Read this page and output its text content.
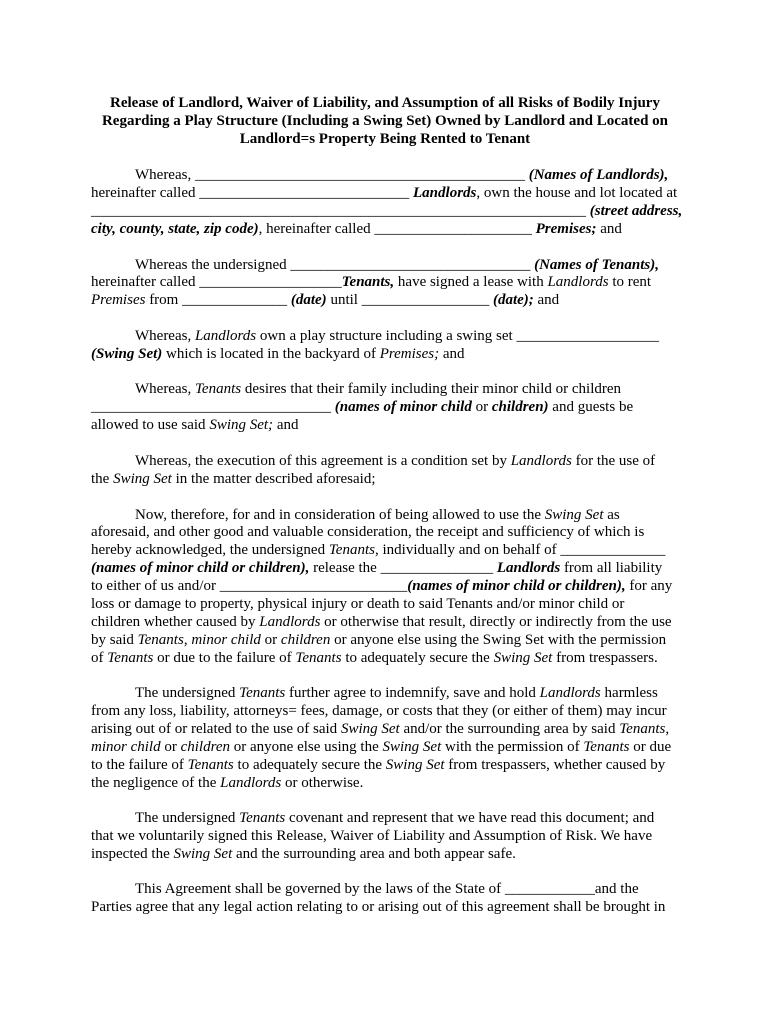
Release of Landlord, Waiver of Liability, and Assumption of all Risks of Bodily Injury
Regarding a Play Structure (Including a Swing Set) Owned by Landlord and Located on
Landlord=s Property Being Rented to Tenant
Whereas, ____________________________________________ (Names of Landlords),
hereinafter called ____________________________ Landlords, own the house and lot located at
__________________________________________________________________ (street address,
city, county, state, zip code), hereinafter called _____________________ Premises; and
Whereas the undersigned ________________________________ (Names of Tenants),
hereinafter called ___________________Tenants, have signed a lease with Landlords to rent
Premises from ______________ (date) until _________________ (date); and
Whereas, Landlords own a play structure including a swing set ___________________
(Swing Set) which is located in the backyard of Premises; and
Whereas, Tenants desires that their family including their minor child or children
________________________________ (names of minor child or children) and guests be
allowed to use said Swing Set; and
Whereas, the execution of this agreement is a condition set by Landlords for the use of
the Swing Set in the matter described aforesaid;
Now, therefore, for and in consideration of being allowed to use the Swing Set as
aforesaid, and other good and valuable consideration, the receipt and sufficiency of which is
hereby acknowledged, the undersigned Tenants, individually and on behalf of ______________
(names of minor child or children), release the _______________ Landlords from all liability
to either of us and/or _________________________(names of minor child or children), for any
loss or damage to property, physical injury or death to said Tenants and/or minor child or
children whether caused by Landlords or otherwise that result, directly or indirectly from the use
by said Tenants, minor child or children or anyone else using the Swing Set with the permission
of Tenants or due to the failure of Tenants to adequately secure the Swing Set from trespassers.
The undersigned Tenants further agree to indemnify, save and hold Landlords harmless
from any loss, liability, attorneys= fees, damage, or costs that they (or either of them) may incur
arising out of or related to the use of said Swing Set and/or the surrounding area by said Tenants,
minor child or children or anyone else using the Swing Set with the permission of Tenants or due
to the failure of Tenants to adequately secure the Swing Set from trespassers, whether caused by
the negligence of the Landlords or otherwise.
The undersigned Tenants covenant and represent that we have read this document; and
that we voluntarily signed this Release, Waiver of Liability and Assumption of Risk. We have
inspected the Swing Set and the surrounding area and both appear safe.
This Agreement shall be governed by the laws of the State of ____________and the
Parties agree that any legal action relating to or arising out of this agreement shall be brought in
